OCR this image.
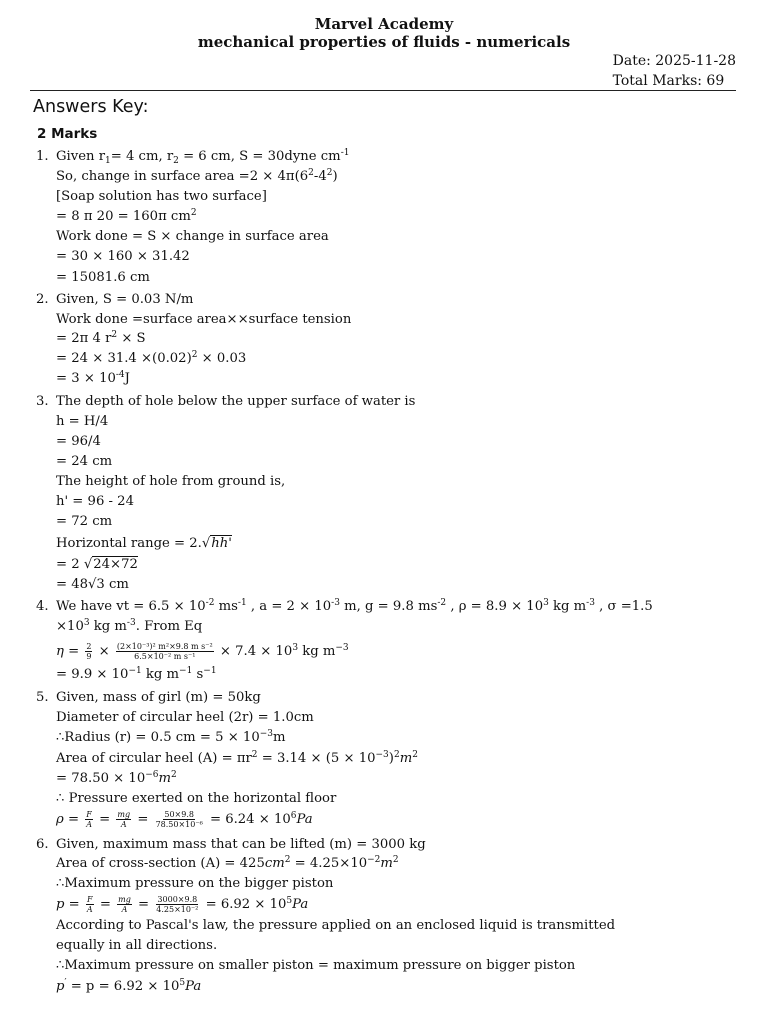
Marvel Academy
mechanical properties of fluids - numericals
Date: 2025-11-28
Total Marks: 69
Answers Key:
2 Marks
1. Given $r_1= 4$ cm, $r_2 = 6$ cm, S = 30dyne $cm^{-1}$
So, change in surface area $=2 \times 4\pi(6^2-4^2)$
[Soap solution has two surface]
= 8 π 20 = 160π $cm^2$
Work done = S × change in surface area
= 30 × 160 × 31.42
= 15081.6 cm
2. Given, S = 0.03 N/m
Work done =surface area××surface tension
= 2π 4 $r^2 \times S$
= $24 \times 31.4 \times(0.02)^2 \times 0.03$
= $3 \times 10^{-4}J$
3. The depth of hole below the upper surface of water is
h = H/4
= 96/4
= 24 cm
The height of hole from ground is,
h' = 96 - 24
= 72 cm
Horizontal range = 2.√hh'
= 2 √24×72
= 48√3 cm
4. We have vt = $6.5 \times 10^{-2}$ $ms^{-1}$ , $a = 2 \times 10^{-3}$ m, g = 9.8 $ms^{-2}$ , $\rho = 8.9 \times 10^3$ kg $m^{-3}$ , σ =1.5
$\times 10^3$ kg $m^{-3}$. From Eq
$\eta = \frac{2}{9} \times \frac{\text{(2×10⁻³)² m²×9.8 m s⁻²}}{\text{6.5×10⁻² m s⁻¹}} \times 7.4 \times 10^3$ kg $m^{-3}$
= $9.9 \times 10^{-1}$ kg $m^{-1}$ $s^{-1}$
5. Given, mass of girl (m) = 50kg
Diameter of circular heel (2r) = 1.0cm
∴Radius (r) = 0.5 cm = $5 \times 10^{-3}m$
Area of circular heel $(A) = \pi r^2 = 3.14 \times (5 \times 10^{-3})^2m^2$
= $78.50 \times 10^{-6}m^2$
∴ Pressure exerted on the horizontal floor
$\rho = \frac{F}{A} = \frac{mg}{A} = \frac{50\times 9.8}{\text{78.50×10⁻⁶}} = 6.24 \times 10^6Pa$
6. Given, maximum mass that can be lifted (m) = 3000 kg
Area of cross-section $(A) = 425cm^2 = 4.25\times 10^{-2}m^2$
∴Maximum pressure on the bigger piston
$p = \frac{F}{A} = \frac{mg}{A} = \frac{3000\times 9.8}{\text{4.25×10⁻²}} = 6.92 \times 10^5Pa$
According to Pascal's law, the pressure applied on an enclosed liquid is transmitted
equally in all directions.
∴Maximum pressure on smaller piston = maximum pressure on bigger piston
$p' = p = 6.92 \times 10^5Pa$
